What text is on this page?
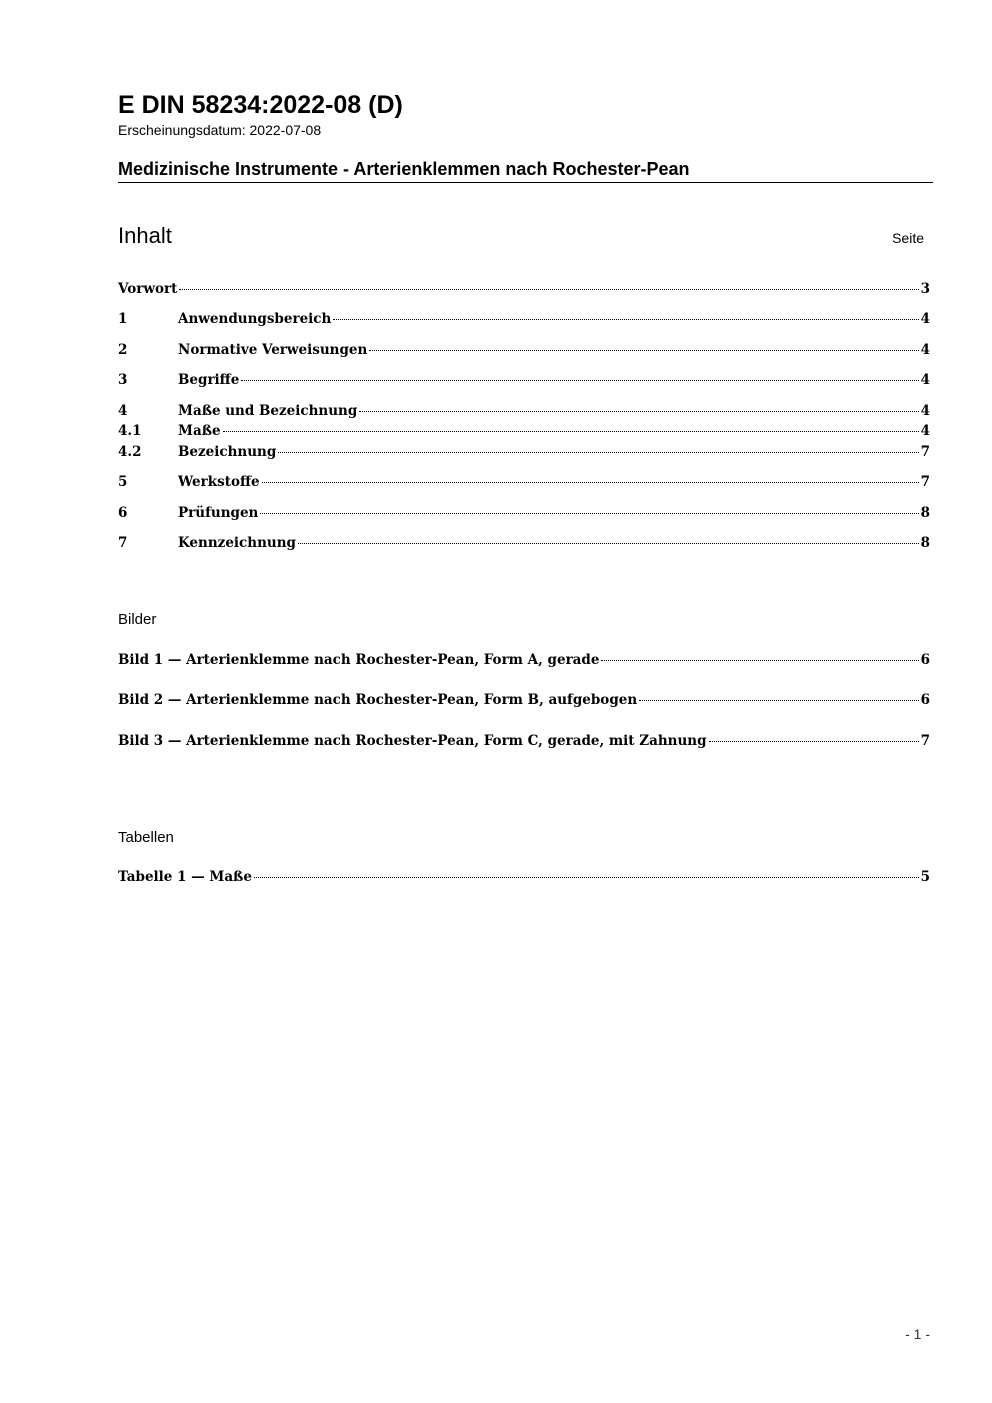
E DIN 58234:2022-08 (D)
Erscheinungsdatum: 2022-07-08
Medizinische Instrumente - Arterienklemmen nach Rochester-Pean
Inhalt	Seite
Vorwort	3
1	Anwendungsbereich	4
2	Normative Verweisungen	4
3	Begriffe	4
4	Maße und Bezeichnung	4
4.1	Maße	4
4.2	Bezeichnung	7
5	Werkstoffe	7
6	Prüfungen	8
7	Kennzeichnung	8
Bilder
Bild 1 — Arterienklemme nach Rochester-Pean, Form A, gerade	6
Bild 2 — Arterienklemme nach Rochester-Pean, Form B, aufgebogen	6
Bild 3 — Arterienklemme nach Rochester-Pean, Form C, gerade, mit Zahnung	7
Tabellen
Tabelle 1 — Maße	5
- 1 -
